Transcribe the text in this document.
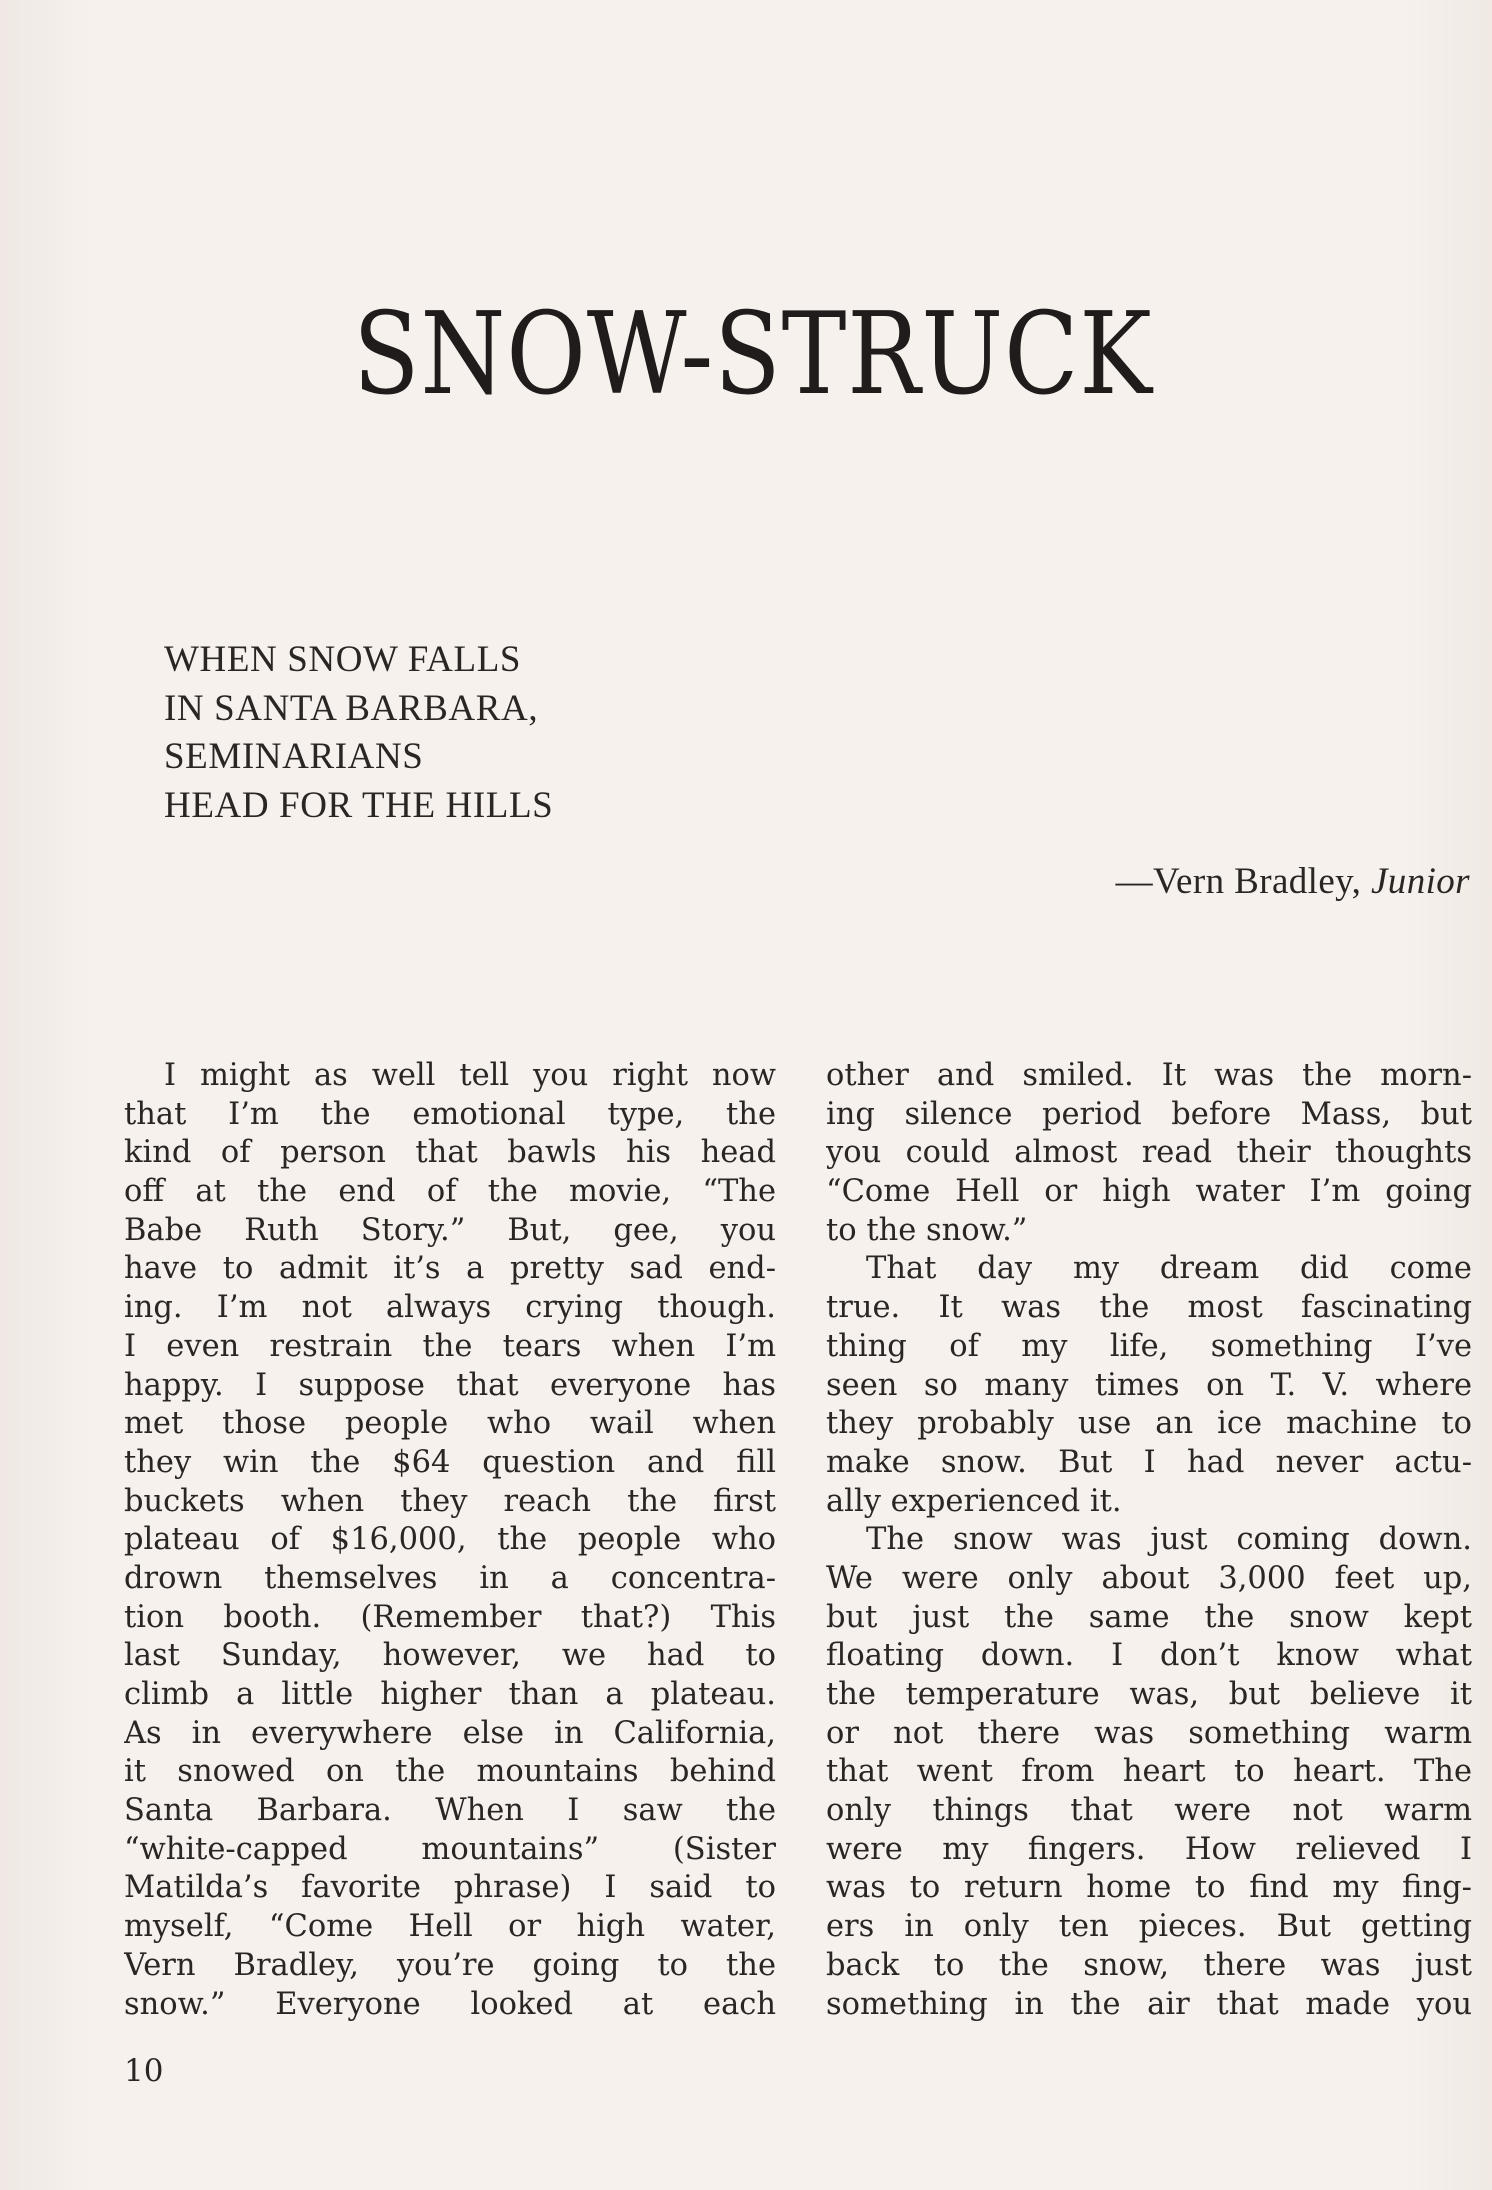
SNOW-STRUCK
WHEN SNOW FALLS
IN SANTA BARBARA,
SEMINARIANS
HEAD FOR THE HILLS
—Vern Bradley, Junior
I might as well tell you right now
that I’m the emotional type, the
kind of person that bawls his head
off at the end of the movie, “The
Babe Ruth Story.” But, gee, you
have to admit it’s a pretty sad end-
ing. I’m not always crying though.
I even restrain the tears when I’m
happy. I suppose that everyone has
met those people who wail when
they win the $64 question and fill
buckets when they reach the first
plateau of $16,000, the people who
drown themselves in a concentra-
tion booth. (Remember that?) This
last Sunday, however, we had to
climb a little higher than a plateau.
As in everywhere else in California,
it snowed on the mountains behind
Santa Barbara. When I saw the
“white-capped mountains” (Sister
Matilda’s favorite phrase) I said to
myself, “Come Hell or high water,
Vern Bradley, you’re going to the
snow.” Everyone looked at each
other and smiled. It was the morn-
ing silence period before Mass, but
you could almost read their thoughts
“Come Hell or high water I’m going
to the snow.”
That day my dream did come
true. It was the most fascinating
thing of my life, something I’ve
seen so many times on T. V. where
they probably use an ice machine to
make snow. But I had never actu-
ally experienced it.
The snow was just coming down.
We were only about 3,000 feet up,
but just the same the snow kept
floating down. I don’t know what
the temperature was, but believe it
or not there was something warm
that went from heart to heart. The
only things that were not warm
were my fingers. How relieved I
was to return home to find my fing-
ers in only ten pieces. But getting
back to the snow, there was just
something in the air that made you
10
